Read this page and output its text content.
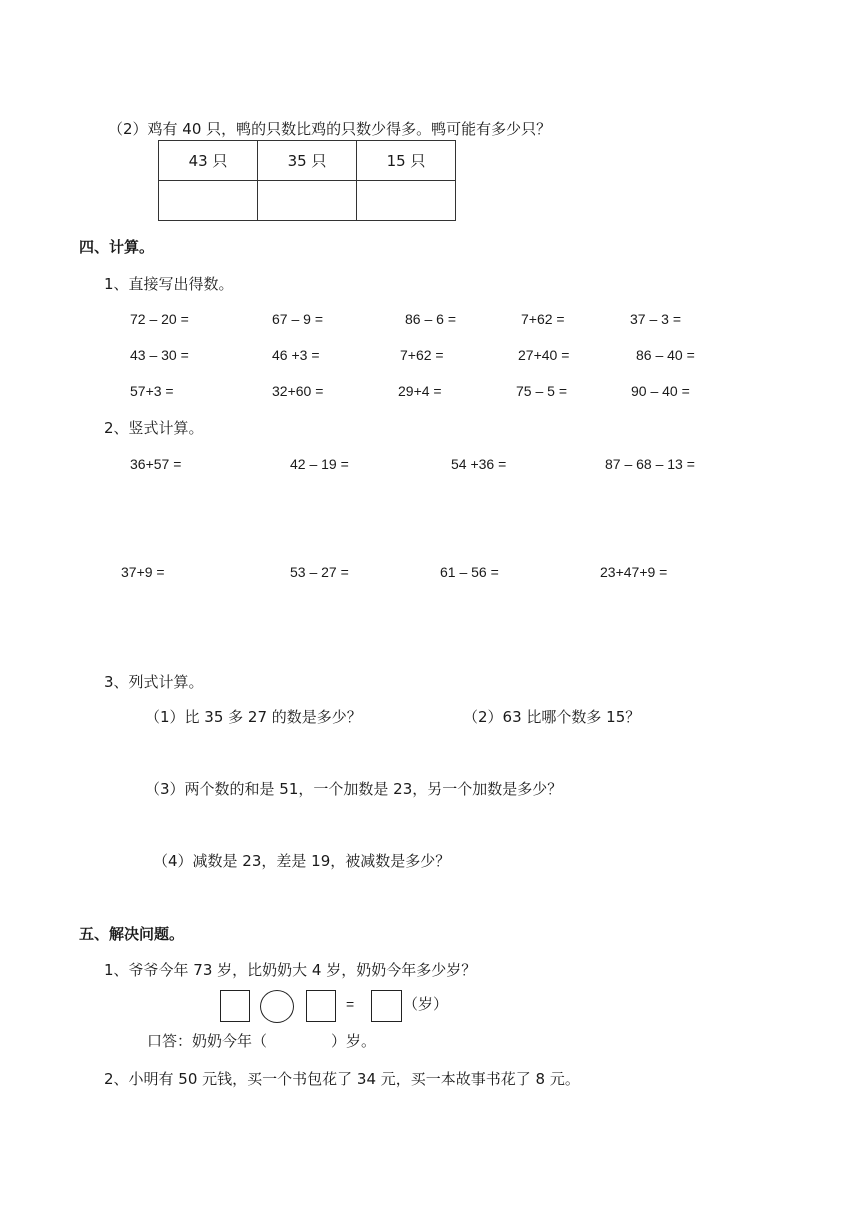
（2）鸡有 40 只，鸭的只数比鸡的只数少得多。鸭可能有多少只？
43 只	35 只	15 只

四、计算。
1、直接写出得数。
72 – 20 =	67 – 9 =	86 – 6 =	7+62 =	37 – 3 =
43 – 30 =	46 +3 =	7+62 =	27+40 =	86 – 40 =
57+3 =	32+60 =	29+4 =	75 – 5 =	90 – 40 =
2、竖式计算。
36+57 =	42 – 19 =	54 +36 =	87 – 68 – 13 =
37+9 =	53 – 27 =	61 – 56 =	23+47+9 =
3、列式计算。
（1）比 35 多 27 的数是多少？	（2）63 比哪个数多 15？
（3）两个数的和是 51，一个加数是 23，另一个加数是多少？
（4）减数是 23，差是 19，被减数是多少？
五、解决问题。
1、爷爷今年 73 岁，比奶奶大 4 岁，奶奶今年多少岁？
=	（岁）
口答：奶奶今年（	）岁。
2、小明有 50 元钱，买一个书包花了 34 元，买一本故事书花了 8 元。
